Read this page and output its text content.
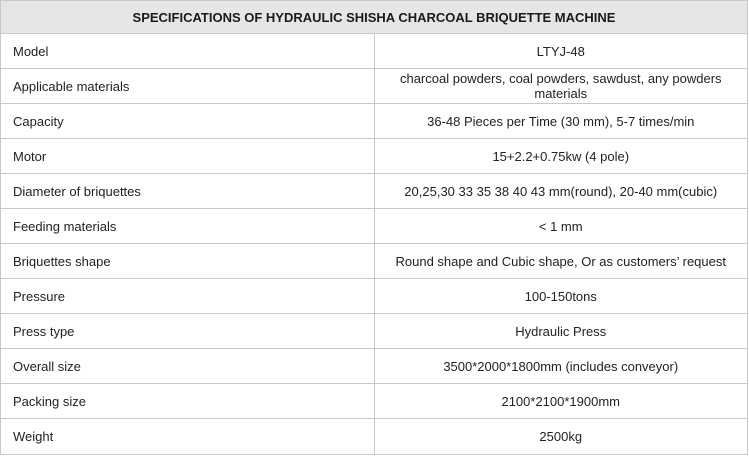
SPECIFICATIONS OF HYDRAULIC SHISHA CHARCOAL BRIQUETTE MACHINE	
Model	LTYJ-48
Applicable materials	charcoal powders, coal powders, sawdust, any powders materials
Capacity	36-48 Pieces per Time (30 mm), 5-7 times/min
Motor	15+2.2+0.75kw (4 pole)
Diameter of briquettes	20,25,30 33 35 38 40 43 mm(round), 20-40 mm(cubic)
Feeding materials	< 1 mm
Briquettes shape	Round shape and Cubic shape, Or as customers’ request
Pressure	100-150tons
Press type	Hydraulic Press
Overall size	3500*2000*1800mm (includes conveyor)
Packing size	2100*2100*1900mm
Weight	2500kg
